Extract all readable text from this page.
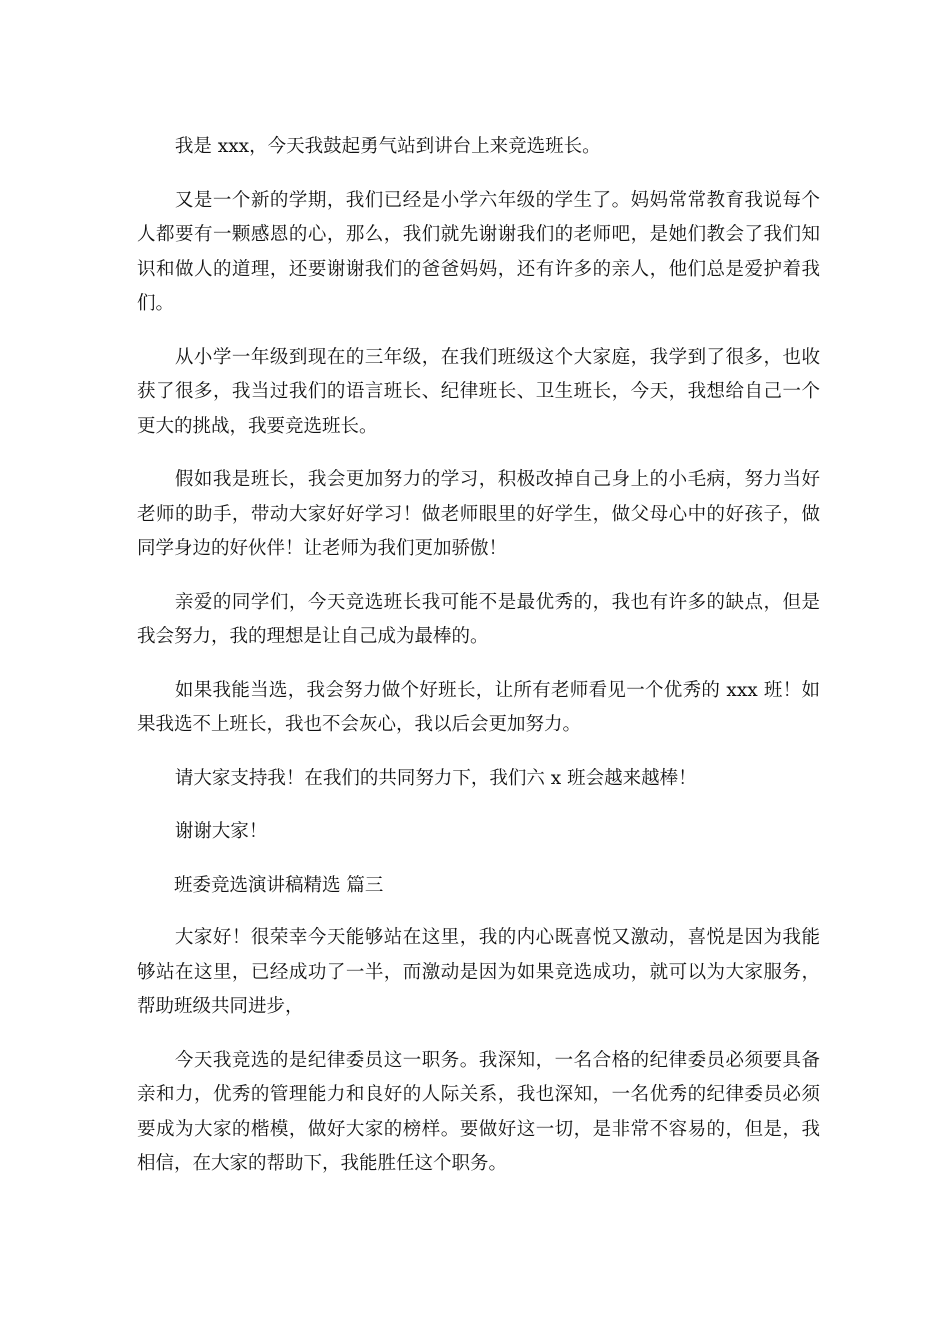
我是 xxx，今天我鼓起勇气站到讲台上来竞选班长。

又是一个新的学期，我们已经是小学六年级的学生了。妈妈常常教育我说每个人都要有一颗感恩的心，那么，我们就先谢谢我们的老师吧，是她们教会了我们知识和做人的道理，还要谢谢我们的爸爸妈妈，还有许多的亲人，他们总是爱护着我们。

从小学一年级到现在的三年级，在我们班级这个大家庭，我学到了很多，也收获了很多，我当过我们的语言班长、纪律班长、卫生班长，今天，我想给自己一个更大的挑战，我要竞选班长。

假如我是班长，我会更加努力的学习，积极改掉自己身上的小毛病，努力当好老师的助手，带动大家好好学习！做老师眼里的好学生，做父母心中的好孩子，做同学身边的好伙伴！让老师为我们更加骄傲！

亲爱的同学们，今天竞选班长我可能不是最优秀的，我也有许多的缺点，但是我会努力，我的理想是让自己成为最棒的。

如果我能当选，我会努力做个好班长，让所有老师看见一个优秀的 xxx 班！如果我选不上班长，我也不会灰心，我以后会更加努力。

请大家支持我！在我们的共同努力下，我们六 x 班会越来越棒！

谢谢大家！

班委竞选演讲稿精选 篇三

大家好！很荣幸今天能够站在这里，我的内心既喜悦又激动，喜悦是因为我能够站在这里，已经成功了一半，而激动是因为如果竞选成功，就可以为大家服务，帮助班级共同进步，

今天我竞选的是纪律委员这一职务。我深知，一名合格的纪律委员必须要具备亲和力，优秀的管理能力和良好的人际关系，我也深知，一名优秀的纪律委员必须要成为大家的楷模，做好大家的榜样。要做好这一切，是非常不容易的，但是，我相信，在大家的帮助下，我能胜任这个职务。
